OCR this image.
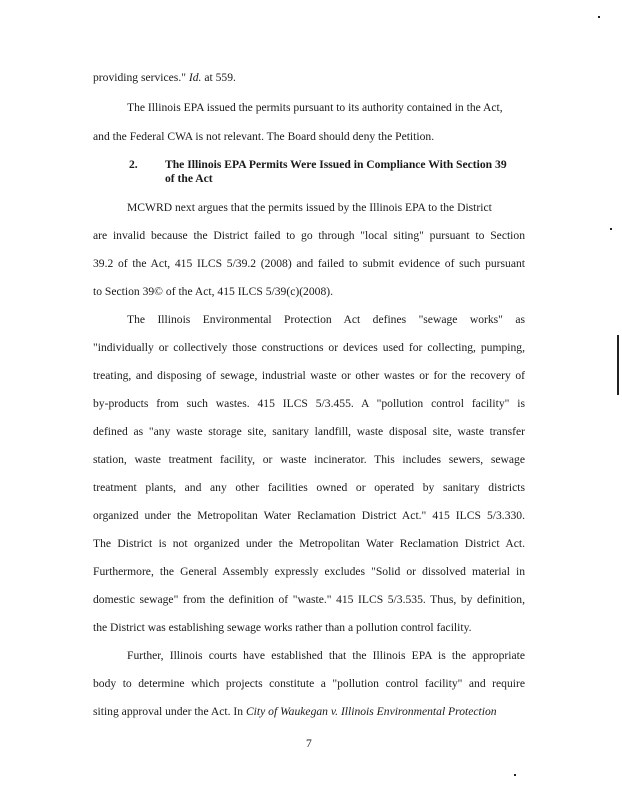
providing services." Id. at 559.
The Illinois EPA issued the permits pursuant to its authority contained in the Act,
and the Federal CWA is not relevant. The Board should deny the Petition.
2. The Illinois EPA Permits Were Issued in Compliance With Section 39
of the Act
MCWRD next argues that the permits issued by the Illinois EPA to the District
are invalid because the District failed to go through "local siting" pursuant to Section
39.2 of the Act, 415 ILCS 5/39.2 (2008) and failed to submit evidence of such pursuant
to Section 39© of the Act, 415 ILCS 5/39(c)(2008).
The Illinois Environmental Protection Act defines "sewage works" as
"individually or collectively those constructions or devices used for collecting, pumping,
treating, and disposing of sewage, industrial waste or other wastes or for the recovery of
by-products from such wastes. 415 ILCS 5/3.455. A "pollution control facility" is
defined as "any waste storage site, sanitary landfill, waste disposal site, waste transfer
station, waste treatment facility, or waste incinerator. This includes sewers, sewage
treatment plants, and any other facilities owned or operated by sanitary districts
organized under the Metropolitan Water Reclamation District Act." 415 ILCS 5/3.330.
The District is not organized under the Metropolitan Water Reclamation District Act.
Furthermore, the General Assembly expressly excludes "Solid or dissolved material in
domestic sewage" from the definition of "waste." 415 ILCS 5/3.535. Thus, by definition,
the District was establishing sewage works rather than a pollution control facility.
Further, Illinois courts have established that the Illinois EPA is the appropriate
body to determine which projects constitute a "pollution control facility" and require
siting approval under the Act. In City of Waukegan v. Illinois Environmental Protection
7
